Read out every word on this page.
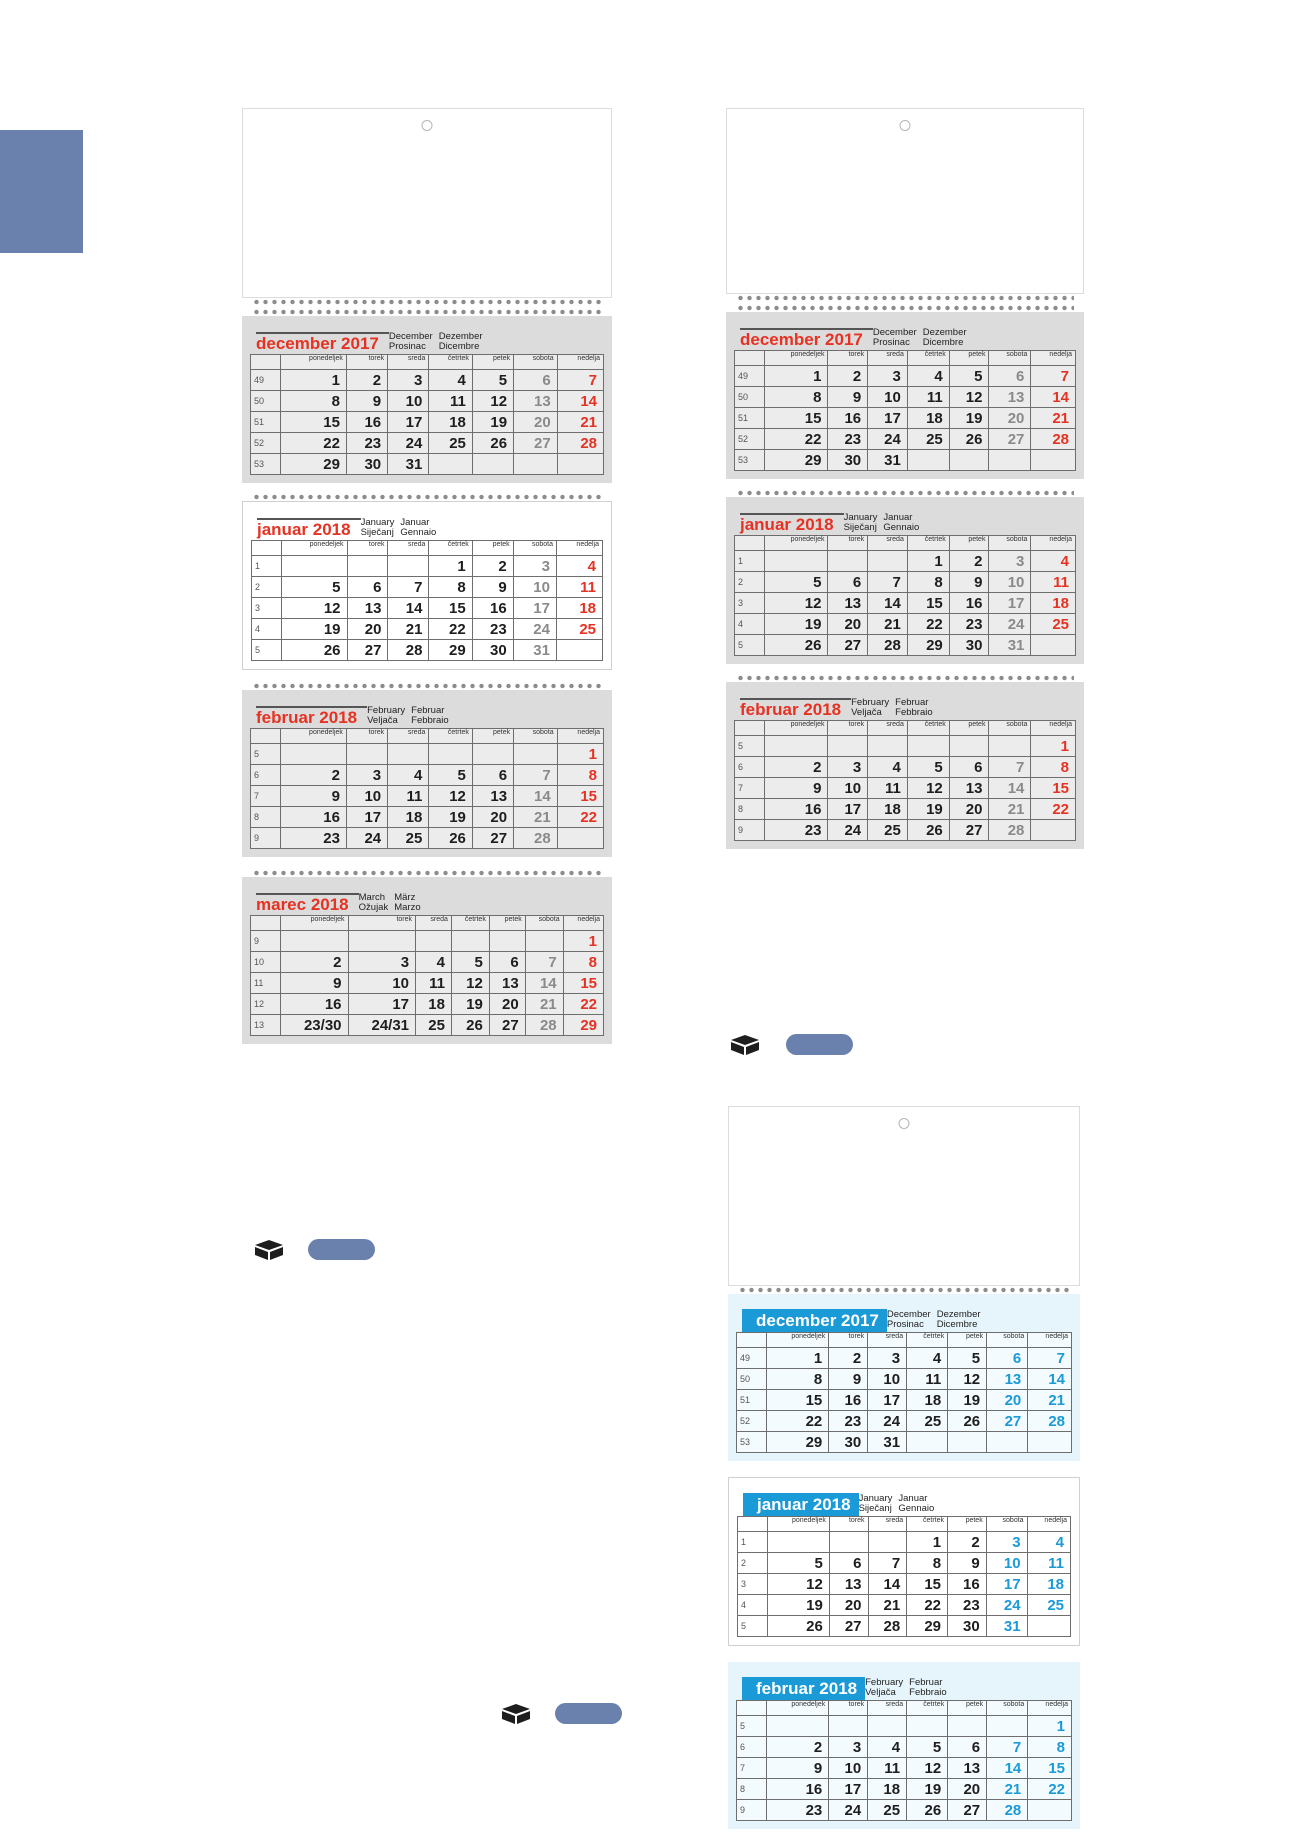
december 2017	December Dezember
Prosinac	Dicembre
	ponedeljek	torek	sreda	četrtek	petek	sobota	nedelja
49	1	2	3	4	5	6	7
50	8	9	10	11	12	13	14
51	15	16	17	18	19	20	21
52	22	23	24	25	26	27	28
53	29	30	31				
januar 2018	January Januar
Siječanj Gennaio
	ponedeljek	torek	sreda	četrtek	petek	sobota	nedelja
1				1	2	3	4
2	5	6	7	8	9	10	11
3	12	13	14	15	16	17	18
4	19	20	21	22	23	24	25
5	26	27	28	29	30	31	
februar 2018	February Februar
Veljača	Febbraio
	ponedeljek	torek	sreda	četrtek	petek	sobota	nedelja
5							1
6	2	3	4	5	6	7	8
7	9	10	11	12	13	14	15
8	16	17	18	19	20	21	22
9	23	24	25	26	27	28	
marec 2018	March März
Ožujak Marzo
	ponedeljek	torek	sreda	četrtek	petek	sobota	nedelja
9							1
10	2	3	4	5	6	7	8
11	9	10	11	12	13	14	15
12	16	17	18	19	20	21	22
13	23/30	24/31	25	26	27	28	29
december 2017	December Dezember
Prosinac	Dicembre
	ponedeljek	torek	sreda	četrtek	petek	sobota	nedelja
49	1	2	3	4	5	6	7
50	8	9	10	11	12	13	14
51	15	16	17	18	19	20	21
52	22	23	24	25	26	27	28
53	29	30	31				
januar 2018	January Januar
Siječanj Gennaio
	ponedeljek	torek	sreda	četrtek	petek	sobota	nedelja
1				1	2	3	4
2	5	6	7	8	9	10	11
3	12	13	14	15	16	17	18
4	19	20	21	22	23	24	25
5	26	27	28	29	30	31	
februar 2018	February Februar
Veljača	Febbraio
	ponedeljek	torek	sreda	četrtek	petek	sobota	nedelja
5							1
6	2	3	4	5	6	7	8
7	9	10	11	12	13	14	15
8	16	17	18	19	20	21	22
9	23	24	25	26	27	28	
december 2017 December Dezember
Prosinac	Dicembre
	ponedeljek	torek	sreda	četrtek	petek	sobota	nedelja
49	1	2	3	4	5	6	7
50	8	9	10	11	12	13	14
51	15	16	17	18	19	20	21
52	22	23	24	25	26	27	28
53	29	30	31				
januar 2018 January Januar
Siječanj Gennaio
	ponedeljek	torek	sreda	četrtek	petek	sobota	nedelja
1				1	2	3	4
2	5	6	7	8	9	10	11
3	12	13	14	15	16	17	18
4	19	20	21	22	23	24	25
5	26	27	28	29	30	31	
februar 2018 February Februar
Veljača	Febbraio
	ponedeljek	torek	sreda	četrtek	petek	sobota	nedelja
5							1
6	2	3	4	5	6	7	8
7	9	10	11	12	13	14	15
8	16	17	18	19	20	21	22
9	23	24	25	26	27	28	
